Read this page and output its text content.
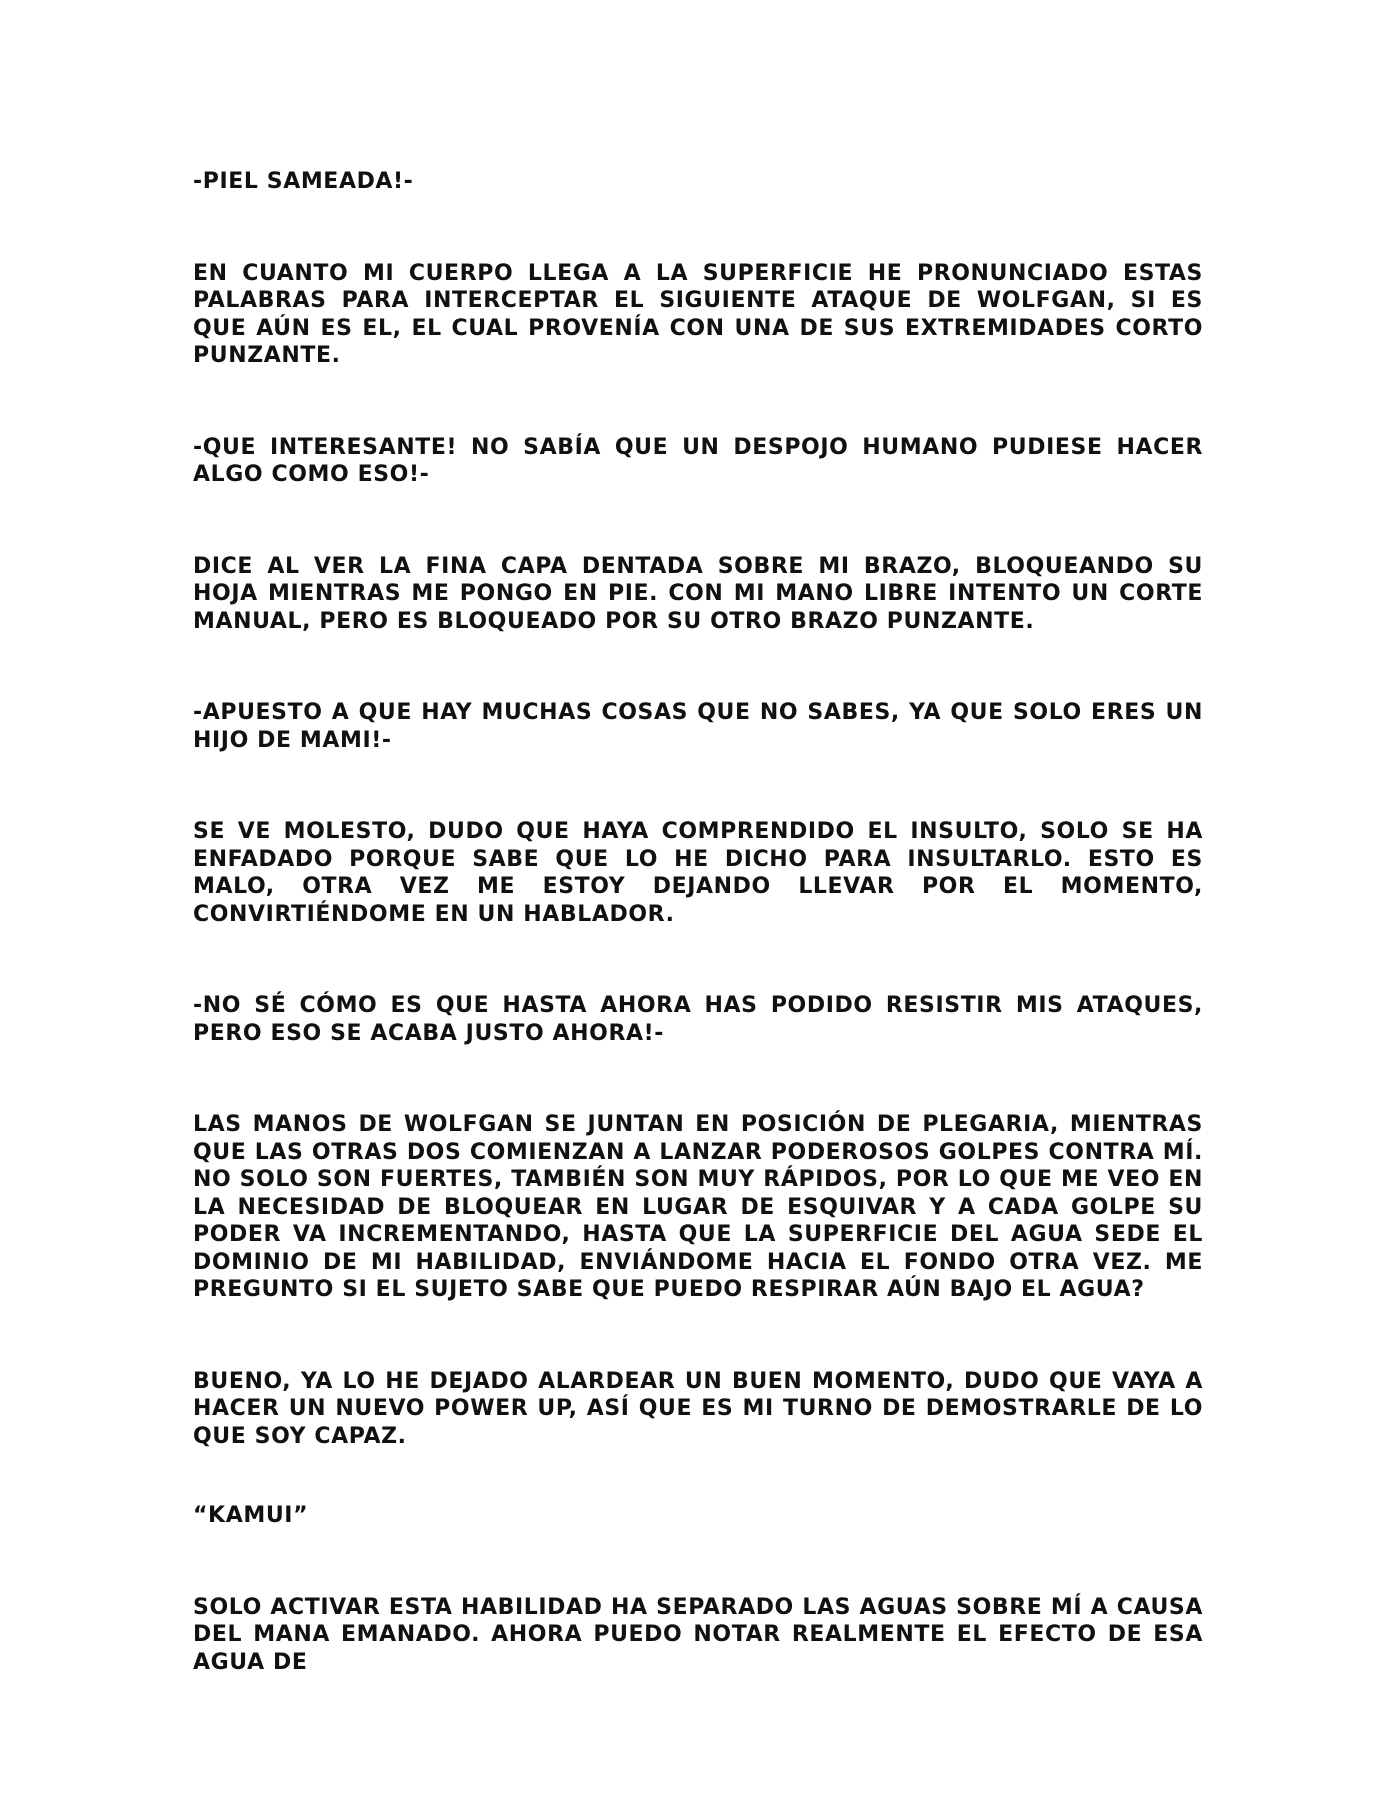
-PIEL SAMEADA!-

EN CUANTO MI CUERPO LLEGA A LA SUPERFICIE HE PRONUNCIADO ESTAS PALABRAS PARA INTERCEPTAR EL SIGUIENTE ATAQUE DE WOLFGAN, SI ES QUE AÚN ES EL, EL CUAL PROVENÍA CON UNA DE SUS EXTREMIDADES CORTO PUNZANTE.

-QUE INTERESANTE! NO SABÍA QUE UN DESPOJO HUMANO PUDIESE HACER ALGO COMO ESO!-

DICE AL VER LA FINA CAPA DENTADA SOBRE MI BRAZO, BLOQUEANDO SU HOJA MIENTRAS ME PONGO EN PIE. CON MI MANO LIBRE INTENTO UN CORTE MANUAL, PERO ES BLOQUEADO POR SU OTRO BRAZO PUNZANTE.

-APUESTO A QUE HAY MUCHAS COSAS QUE NO SABES, YA QUE SOLO ERES UN HIJO DE MAMI!-

SE VE MOLESTO, DUDO QUE HAYA COMPRENDIDO EL INSULTO, SOLO SE HA ENFADADO PORQUE SABE QUE LO HE DICHO PARA INSULTARLO. ESTO ES MALO, OTRA VEZ ME ESTOY DEJANDO LLEVAR POR EL MOMENTO, CONVIRTIÉNDOME EN UN HABLADOR.

-NO SÉ CÓMO ES QUE HASTA AHORA HAS PODIDO RESISTIR MIS ATAQUES, PERO ESO SE ACABA JUSTO AHORA!-

LAS MANOS DE WOLFGAN SE JUNTAN EN POSICIÓN DE PLEGARIA, MIENTRAS QUE LAS OTRAS DOS COMIENZAN A LANZAR PODEROSOS GOLPES CONTRA MÍ. NO SOLO SON FUERTES, TAMBIÉN SON MUY RÁPIDOS, POR LO QUE ME VEO EN LA NECESIDAD DE BLOQUEAR EN LUGAR DE ESQUIVAR Y A CADA GOLPE SU PODER VA INCREMENTANDO, HASTA QUE LA SUPERFICIE DEL AGUA SEDE EL DOMINIO DE MI HABILIDAD, ENVIÁNDOME HACIA EL FONDO OTRA VEZ. ME PREGUNTO SI EL SUJETO SABE QUE PUEDO RESPIRAR AÚN BAJO EL AGUA?

BUENO, YA LO HE DEJADO ALARDEAR UN BUEN MOMENTO, DUDO QUE VAYA A HACER UN NUEVO POWER UP, ASÍ QUE ES MI TURNO DE DEMOSTRARLE DE LO QUE SOY CAPAZ.

“KAMUI”

SOLO ACTIVAR ESTA HABILIDAD HA SEPARADO LAS AGUAS SOBRE MÍ A CAUSA DEL MANA EMANADO. AHORA PUEDO NOTAR REALMENTE EL EFECTO DE ESA AGUA DE
